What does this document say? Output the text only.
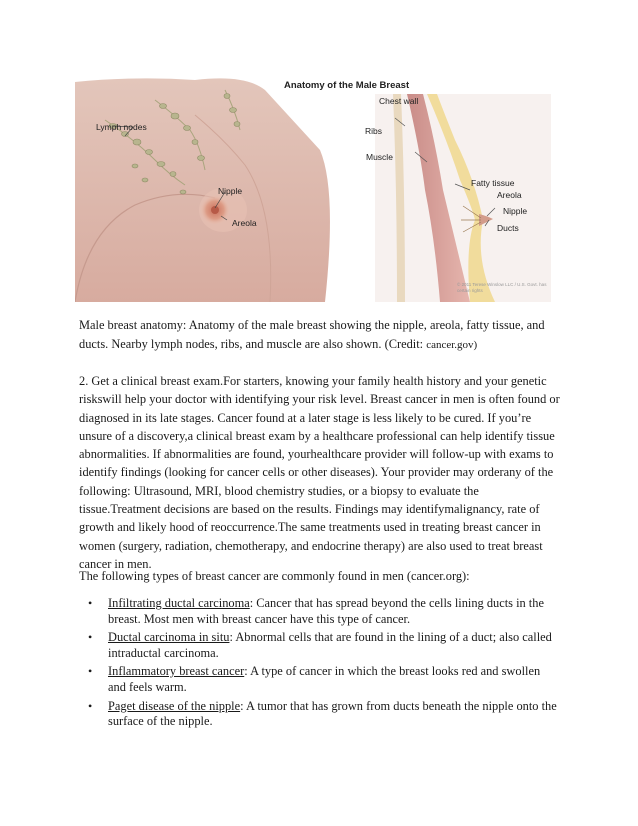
Anatomy of the Male Breast
Lymph nodes
Nipple
Areola
Chest wall
Ribs
Muscle
Fatty tissue
Areola
Nipple
Ducts
© 2011 Terese Winslow LLC / U.S. Govt. has certain rights
Male breast anatomy: Anatomy of the male breast showing the nipple, areola, fatty tissue, and ducts. Nearby lymph nodes, ribs, and muscle are also shown. (Credit: cancer.gov)
2. Get a clinical breast exam.For starters, knowing your family health history and your genetic riskswill help your doctor with identifying your risk level. Breast cancer in men is often found or diagnosed in its late stages. Cancer found at a later stage is less likely to be cured. If you’re unsure of a discovery,a clinical breast exam by a healthcare professional can help identify tissue abnormalities. If abnormalities are found, yourhealthcare provider will follow-up with exams to identify findings (looking for cancer cells or other diseases). Your provider may orderany of the following: Ultrasound, MRI, blood chemistry studies, or a biopsy to evaluate the tissue.Treatment decisions are based on the results. Findings may identifymalignancy, rate of growth and likely hood of reoccurrence.The same treatments used in treating breast cancer in women (surgery, radiation, chemotherapy, and endocrine therapy) are also used to treat breast cancer in men.
The following types of breast cancer are commonly found in men (cancer.org):
• Infiltrating ductal carcinoma: Cancer that has spread beyond the cells lining ducts in the breast. Most men with breast cancer have this type of cancer.
• Ductal carcinoma in situ: Abnormal cells that are found in the lining of a duct; also called intraductal carcinoma.
• Inflammatory breast cancer: A type of cancer in which the breast looks red and swollen and feels warm.
• Paget disease of the nipple: A tumor that has grown from ducts beneath the nipple onto the surface of the nipple.
